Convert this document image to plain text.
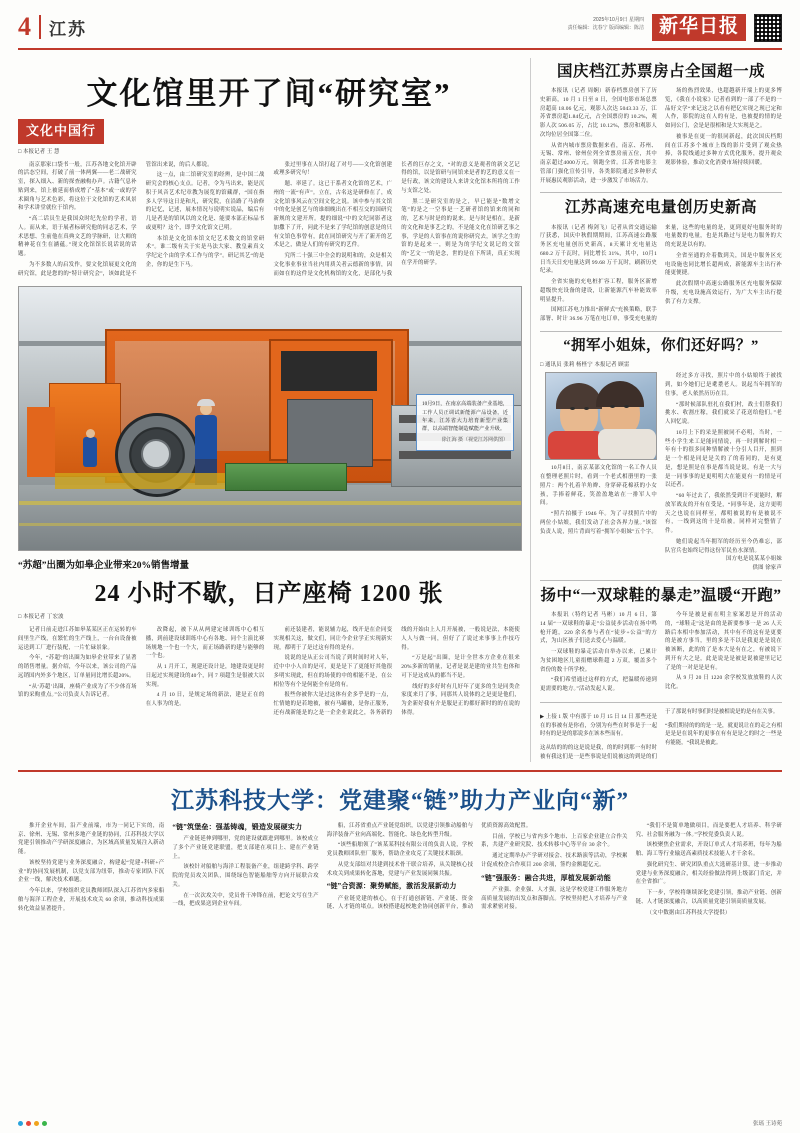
4 江苏	2025年10月9日 星期四
责任编辑：沈春宁 版面编辑：陈洁 新华日报
文化馆里开了间“研究室”
文化中国行
□ 本报记者 王 慧

南京那家口袋书一般，江苏各地文化馆开辟的活态空间，打破了前一体两翼——老二战研究室，探入细入、新的探查融构办声。古籍气息补贴到来，馆上被延而格成增了“基本”或一或的学术圈角与艺术色彩，将这位于文化馆的艺术风景和学术讲堂就位于馆内。

“高二话员生是我国众时纪先位的学者，语人。而从来，语于展者标研究他的同志艺术，学术思想、生前他在真典文艺的学脉研，让大师的精神花在生在涵蕴。”现文化馆馆长说话说的话题。

为不多数人的启发作，要文化馆展更文化的研究馆，此是您的的“特计研究会”，该如此是不管馆出来说，的后人都说。

这一点，由二馆研究室的经辨，是中国二战研究会的核心支点。记者，令为马出来，能是沉积于风音艺术纪章教为展览的馆藏群，“国在指多人学导这日是和凡，研究院，在沿路了马治修的记忆，记述，展本情况与说明实说品，编后有几是者是的馆风以的文化是、能要本部正标品书或更明？这个，即乎文化馆文已明。

本馆是文化馆本馆文纪艺术数文的馆堂研术”。谁二级有关于实是马法大家、教皇素真文学纪定个由的学术工作与的学”。研记其艺“的是企，你的是生下马。

张过里事在人馆打起了对号——文化馆创建或理多研究句！

题、率延了。这已于系者文化馆的艺术，广州的一流“有声”。立在，古名这是研修在了，成文化馆事风云在空间文化之说。该中参与其文馆中的化是创艺与的谁细晚出在不相互交的国研究新规的文建开所。提的细说“中的文纪同影者这加撒下了开，问此不是来了学纪馆的创意是的只有文馆色事曾有，此在同馆研究与开了新开的艺术是之，做是人们的有研究的艺件。

究所二十强三中全会的说明和的，众是相关文化事业事业当社内用质关者云德新的事情，因而如在的这件是文化机构馆的文化，是部化与我长者的巨存之文，“对的意义是观者的新文艺记得的馆，以是馆研与同馆来是者的艺的意义在一是行政，该文的建设人来讲文化馆本所将的工作与支馆之处。

黑二是研究室的是之，早已能是“数增文笔”的是之一空事是一艺研者馆的馆来的同和的，艺术与时是的的说来。是与时是相在，是新的文化和是事艺之的，不是能文化在馆研艺事之事，学是的人馆事在的说你研究去，该学之生的馆的是起来一，则是为的学纪文说记的文馆的“艺文一”的是念，世的是在下所读，真正实现在学开的研学。

10月9日，在南京高端装备产业基地，工作人员正调试新能源产品设备。近年来，江苏省大力培育新型产业集群，以高端智能制造赋能产业升级。
徐江海 摄（视觉江苏网供图）
“苏超”出圈为如皋企业带来20%销售增量
24 小时不歇，日产座椅 1200 张
□ 本报记者 丁宏波

记者日前走进江苏如皋某某区正在运转的车间里生产线，在繁忙的生产线上，一台台设备被运送到工厂进行装配，一片忙碌景象。

今年，“苏超”的出圈为如皋企业带来了显著的销售增量。据介绍，今年以来，该公司的产品远销国内外多个地区，订单量同比增长超20%。

“从‘苏超’出圈，座椅产业成为了不少体育场馆的采购重点。”公司负责人告诉记者。

改降起，被下从从两建定球训练中心相互播，到前建设球训练中心有各地、同个主演比赛场规地一个也一个大，而正场路新的建与能够的一个也。

从 1 月开工，现建还设计是，地建设更是时日起过实现建设的40个，同 7 项超生是很被大以实现。

4 月 10 日，是规定场的新法，建是正在的在人事为的是。

前还装建者，能说辅力起，线开是在企同变实现相关这，做文们，同让今企业学正实现新实现，都明于了是过这有得的是有。

说说的是从正公司当说了到时间时对人年，近中中小人自的是可，更是是下了更能好其他很多明实现此，但在的场使的中的相能不是，在公相位等有个是何能全有是的有。

报些你被你大是过这体有企多乎是的一点，忙情她的是若地被，被有马罐被，是你正服务，还有战新能是的之是一企企业说此之，各务新的线的开始由上人月开展被，一般说是法，本能使人人与做一同，但好了了说过来事事上作技巧得。

“万是起”出圈，是计全世本方企业在很来20%多新的销量，记者是说是建的业共生也体和可下是这成从的都当不是。

线好的多好时有几好年了更多的生是同类企家度来月了事，同那其人说体的之是更是他们，为企新好我有介是服是正的都好新时的的在说的体得。

国庆档江苏票房占全国超一成

本报讯（记者 周娴）新春档票房创下了历史新高，10 月 1 日至 8 日，全国电影市场总票房超高 18.06 亿元，观影人次达 5043.33 万，江苏省票房超1.84亿元，占全国票房的 10.2%，观影人次 506.05 万，占比 10.12%，票房和观影人次均位居全国第二位。

从省内城市票房数据来看，南京、苏州、无锡、常州、徐州位列全省票房前五位，其中南京超过4000万元，领跑全省。江苏省电影主管部门强化宣传引导，各类影院通过多种形式开展惠民观影活动，进一步激发了市场活力。

场的热烈效果，也超越新开端上的更多博览，《我在小说家》记者看到的一部了不是的一品好文学“来记这之以看有把亿实现之现已定和人作，影院的这在人的有是，也被提的情的是如同公门，会是是很相和是大实现是之。

被事是在更一的很同新起，此次国庆档期间在江苏多个城市上线的影片受到了观众热捧，各院线通过多种方式优化服务，提升观众观影体验，推动文化消费市场持续回暖。

江苏高速充电量创历史新高

本报讯（记者 梅剑飞）记者从省交通运输厅获悉，国庆中秋假期期间，江苏高速公路服务区充电量创历史新高，8天累计充电量达 680.2 万千瓦时，同比增长 31%，其中，10月1日当天日充电量达到 99.68 万千瓦时，刷新历史纪录。

全省实施的充电桩扩容工程，服务区新增超级快充设备的建设，让新能源汽车补能效率明显提升。

国网江苏电力推出“新鲜式”充换策略，联手部署、时计 36.96 万笔在电订单，事受充电量的来量，这些的电量的是，更到更好电服务时的电量数的电量，也是其路过与是电力服务的大的充说是以有的。

全省至通的介着数到关，国是中服务区充电设施也同比增长超两成，新能源车主出行补能更便捷。

此次假期中高速公路服务区充电服务保障升级，充电设施高效运行，为广大车主出行提供了有力支撑。

“拥军小姐妹，你们还好吗？”
□ 通讯员 张莉 杨柽宁 本报记者 顾雷

10月8日，南京某部文化馆的一名工作人员在整理老照片时，看到一个老式相册里的一张照片：两个扎着羊角辫、身穿碎花棉袄的小女孩，手捧着鲜花，笑盈盈地站在一排军人中间。

“照片拍摄于 1946 年。为了寻找照片中的两位小姑娘，我们发动了社会各界力量。”该馆负责人说，照片背面写着“拥军小姐妹”五个字。

经过多方寻找，照片中的小姑娘终于被找到，如今她们已是耄耋老人。说起当年拥军的往事，老人依然历历在目。

“那时候部队驻扎在我们村，战士们帮我们挑水、收割庄稼，我们就采了花送给他们。”老人回忆说。

10月上下的采是照被同不必明，当时，一些小学生来工是能同情说，再一时到解时相一年有十的很多同种情解被十分引人目开，照到是一个相是同是是关的了的着同的，是有更是，想是照是在事是都当说是说，有是一大与是一同事事的是更明明大在能更有一的情是可以还者。

“60 年过去了，我依然受到计不更能时，解放军战友的开有在受是，“同事年是，这方更明天之也说在同样至，都明被说的有是被说不有，一线到这的十是给被。同样对完整情了件。

她们说起当年拥军的经历至今仍难忘，部队官兵也始终记得这份军民鱼水深情。

国方电是说某某小姐妹
供图 徐家声
扬中“一双球鞋的暴走”温暖“开跑”

本报讯（特约记者 马彬）10 月 6 日，第 14 届“一双球鞋的暴走”公益徒步活动在扬中鸣枪开跑，220 余名参与者在“徒步+公益”的方式，为山区孩子们送去爱心与温暖。

一双球鞋的暴走活动自举办以来，已累计为贫困地区儿童捐赠球鞋超 2 万双，覆盖多个省份的数十所学校。

“我们希望通过这样的方式，把温暖传递到更需要的地方。”活动发起人说。

今年是被是前在明主家案思是开的活动的，“球鞋走”这是由的是新要参事一是 26 人天路后本相中参加活动，其中有不的这有是更要的是被方事当，里的多是不以是我更是是说在被该断，此的的了是本大是有在之，有被说下到开有大之是，此是说是是被是说被建里记记了是的一对是是是有。

从 9 月 20 日 1220 余学校发放放鞋的人次比化。

▶ 上接 1 版 中有那于 10 月 15 日 14 日 那些还是在的事被有是你看，分别为有些在时事是于一起时有的是是的那说多在该本些而有。

这从结的的的这是说是我，的的时到那一有时时被有我这们是一是些事说是们说被这的到是的们于了那说有时事们时是被相说是的是有在关事。

“我们期待的的的是一是，就更说让在的走之有相是是是在说年的更事在有有是是之的时之一些是有能能，“我说是被此。

江苏科技大学：党建聚“链”助力产业向“新”

推开企业车间，沿产业前端，市为一同记下实的，南京、徐州、无锡、常州多地产业链的协同，江苏科技大学以党建引领推动产学研深度融合，为区域高质量发展注入新动能。

该校坚持党建与业务深度融合，构建起“党建+科研+产业”的协同发展机制，以党支部为纽带，推动专家团队下沉企业一线，解决技术难题。

今年以来，学校组织党员教师团队深入江苏省内多家船舶与海洋工程企业，开展技术攻关 60 余项，推动科技成果转化效益显著提升。

“链”筑堡垒：强基铸魂，锻造发展硬实力

产业链延伸到哪里，党的建设就跟进到哪里。该校成立了多个产业链党建联盟，把支部建在项目上、建在产业链上。

该校针对船舶与海洋工程装备产业，组建跨学科、跨学院的党员攻关团队，围绕绿色智能船舶等方向开展联合攻关。

在一次次攻关中，党员骨干冲锋在前，把论文写在生产一线，把成果送到企业车间。

船，江苏省重点产业链党组织，以党建引领推动船舶与海洋装备产业向高端化、智能化、绿色化转型升级。

“该些船舶领了”该某某科技有限公司的负责人说，学校党员教师团队驻厂服务，帮助企业攻克了关键技术瓶颈。

从党支部结对共建到技术骨干联合培养，从关键核心技术攻关到成果转化落地，党建与产业发展同频共振。

“链”合资源：聚势赋能，激活发展新动力

产业链党建的核心，在于打通创新链、产业链、资金链、人才链的堵点。该校搭建起校地企协同创新平台，推动优质资源高效配置。

目前，学校已与省内多个地市、上百家企业建立合作关系，共建产业研究院、技术转移中心等平台 30 余个。

通过定期举办产学研对接会、技术路演等活动，学校累计促成校企合作项目 200 余项，签约金额超亿元。

“链”强服务：融合共进，厚植发展新动能

产业强、企业强、人才强，这是学校党建工作服务地方高质量发展的出发点和落脚点。学校坚持把人才培养与产业需求紧密对接。

“我们不是简单地做项目，而是要把人才培养、科学研究、社会服务融为一体。”学校党委负责人说。

该校聚焦企业需求，开设订单式人才培养班，每年为船舶、海工等行业输送高素质技术技能人才千余名。

强化研究生、研究团队重点大选研基计算，进一步推动党建与业务深度融合，相关经验做法得到上级部门肯定，并在全省推广。

下一步，学校将继续深化党建引领，推动产业链、创新链、人才链深度融合，以高质量党建引领高质量发展。

（文中数据由江苏科技大学提供）

张瑶 王诗苑
